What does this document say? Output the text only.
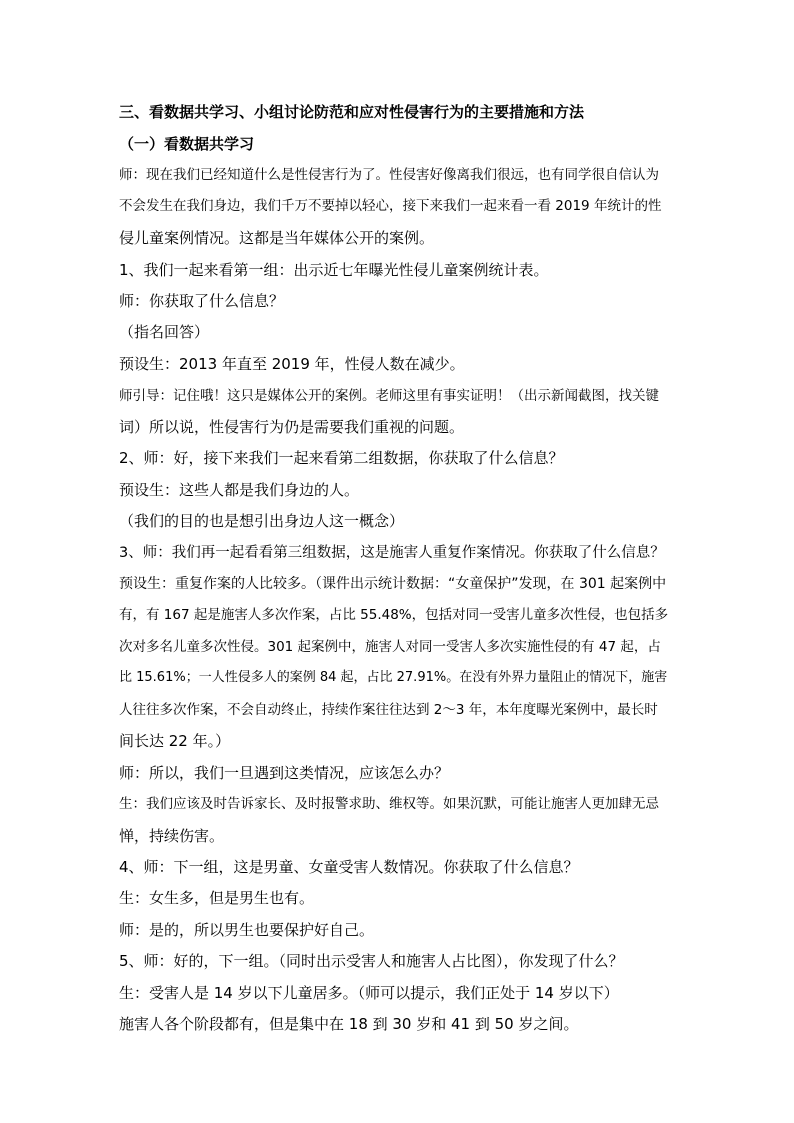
三、看数据共学习、小组讨论防范和应对性侵害行为的主要措施和方法
（一）看数据共学习
师：现在我们已经知道什么是性侵害行为了。性侵害好像离我们很远，也有同学很自信认为
不会发生在我们身边，我们千万不要掉以轻心，接下来我们一起来看一看 2019 年统计的性
侵儿童案例情况。这都是当年媒体公开的案例。
1、我们一起来看第一组：出示近七年曝光性侵儿童案例统计表。
师：你获取了什么信息？
（指名回答）
预设生：2013 年直至 2019 年，性侵人数在减少。
师引导：记住哦！这只是媒体公开的案例。老师这里有事实证明！（出示新闻截图，找关键
词）所以说，性侵害行为仍是需要我们重视的问题。
2、师：好，接下来我们一起来看第二组数据，你获取了什么信息？
预设生：这些人都是我们身边的人。
（我们的目的也是想引出身边人这一概念）
3、师：我们再一起看看第三组数据，这是施害人重复作案情况。你获取了什么信息？
预设生：重复作案的人比较多。（课件出示统计数据：“女童保护”发现，在 301 起案例中
有，有 167 起是施害人多次作案，占比 55.48%，包括对同一受害儿童多次性侵，也包括多
次对多名儿童多次性侵。301 起案例中，施害人对同一受害人多次实施性侵的有 47 起，占
比 15.61%；一人性侵多人的案例 84 起，占比 27.91%。在没有外界力量阻止的情况下，施害
人往往多次作案，不会自动终止，持续作案往往达到 2～3 年，本年度曝光案例中，最长时
间长达 22 年。）
师：所以，我们一旦遇到这类情况，应该怎么办？
生：我们应该及时告诉家长、及时报警求助、维权等。如果沉默，可能让施害人更加肆无忌
惮，持续伤害。
4、师：下一组，这是男童、女童受害人数情况。你获取了什么信息？
生：女生多，但是男生也有。
师：是的，所以男生也要保护好自己。
5、师：好的，下一组。（同时出示受害人和施害人占比图），你发现了什么？
生：受害人是 14 岁以下儿童居多。（师可以提示，我们正处于 14 岁以下）
施害人各个阶段都有，但是集中在 18 到 30 岁和 41 到 50 岁之间。
